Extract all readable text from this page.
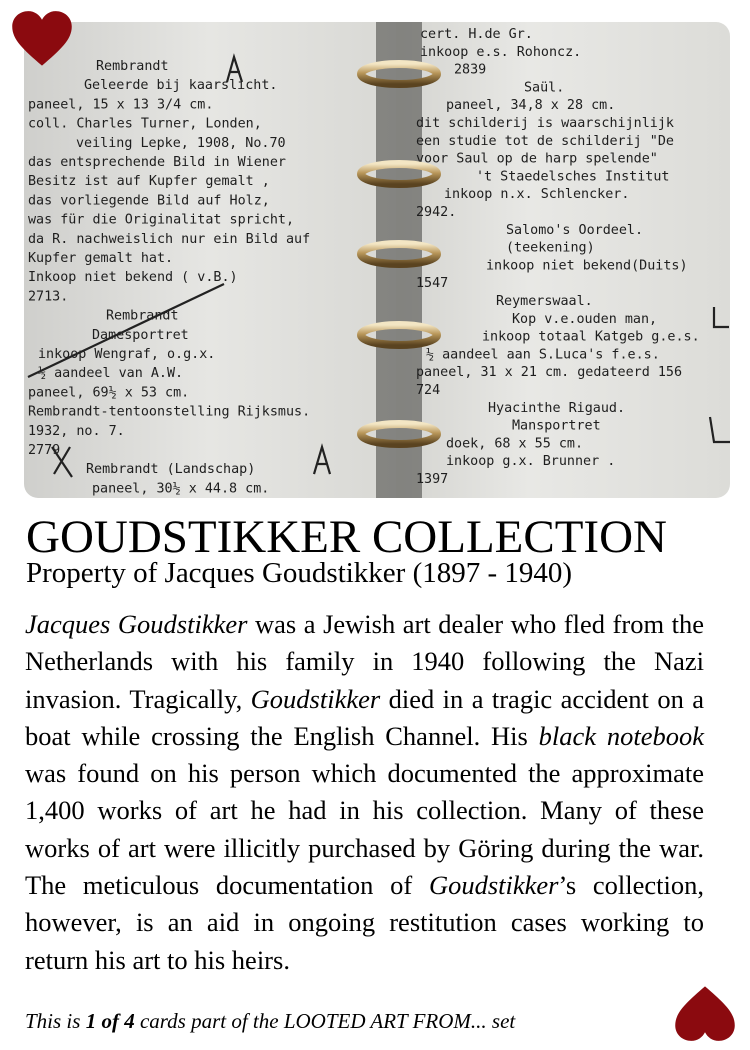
Rembrandt
Geleerde bij kaarslicht.
paneel, 15 x 13 3/4 cm.
coll. Charles Turner, Londen,
veiling Lepke, 1908, No.70
das entsprechende Bild in Wiener
Besitz ist auf Kupfer gemalt ,
das vorliegende Bild auf Holz,
was für die Originalitat spricht,
da R. nachweislich nur ein Bild auf
Kupfer gemalt hat.
Inkoop niet bekend ( v.B.)
2713.
Rembrandt
Damesportret
inkoop Wengraf, o.g.x.
½ aandeel van A.W.
paneel, 69½ x 53 cm.
Rembrandt-tentoonstelling Rijksmus.
1932, no. 7.
2779
Rembrandt (Landschap)
paneel, 30½ x 44.8 cm.
cert. H.de Gr.
inkoop e.s. Rohoncz.
2839
Saül.
paneel, 34,8 x 28 cm.
dit schilderij is waarschijnlijk
een studie tot de schilderij "De
voor Saul op de harp spelende"
't Staedelsches Institut
inkoop n.x. Schlencker.
2942.
Salomo's Oordeel.
(teekening)
inkoop niet bekend(Duits)
1547
Reymerswaal.
Kop v.e.ouden man,
inkoop totaal Katgeb g.e.s.
½ aandeel aan S.Luca's f.e.s.
paneel, 31 x 21 cm. gedateerd 156
724
Hyacinthe Rigaud.
Mansportret
doek, 68 x 55 cm.
inkoop g.x. Brunner .
1397
GOUDSTIKKER COLLECTION
Property of Jacques Goudstikker (1897 - 1940)
Jacques Goudstikker was a Jewish art dealer who fled from the Netherlands with his family in 1940 following the Nazi invasion. Tragically, Goudstikker died in a tragic accident on a boat while crossing the English Channel. His black notebook was found on his person which documented the approximate 1,400 works of art he had in his collection. Many of these works of art were illicitly purchased by Göring during the war. The meticulous documentation of Goudstikker’s collection, however, is an aid in ongoing restitution cases working to return his art to his heirs.
This is 1 of 4 cards part of the LOOTED ART FROM... set
